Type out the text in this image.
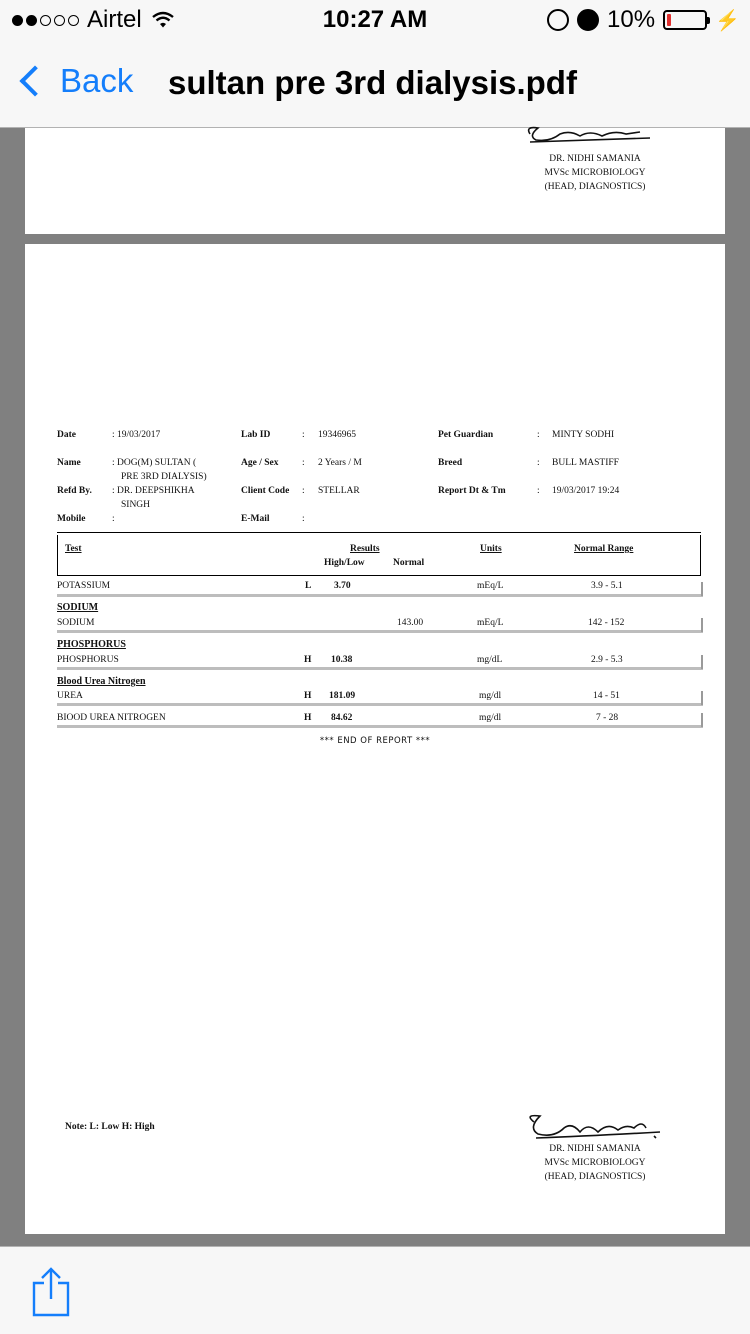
Airtel	10:27 AM	10%	⚡
Back sultan pre 3rd dialysis.pdf
DR. NIDHI SAMANIA
MVSc MICROBIOLOGY
(HEAD, DIAGNOSTICS)
Date	: 19/03/2017	Lab ID	: 19346965	Pet Guardian	: MINTY SODHI
Name	: DOG(M) SULTAN (
PRE 3RD DIALYSIS)
Age / Sex : 2 Years / M	Breed	: BULL MASTIFF
Refd By. : DR. DEEPSHIKHA
SINGH
Client Code : STELLAR	Report Dt & Tm	: 19/03/2017 19:24
Mobile	:	E-Mail	:
Test	Results
High/Low	Normal
Units	Normal Range
POTASSIUM	L 3.70	mEq/L	3.9 - 5.1
SODIUM
SODIUM	143.00	mEq/L	142 - 152
PHOSPHORUS
PHOSPHORUS	H 10.38	mg/dL	2.9 - 5.3
Blood Urea Nitrogen
UREA	H 181.09	mg/dl	14 - 51
BIOOD UREA NITROGEN	H 84.62	mg/dl	7 - 28
*** END OF REPORT ***
Note: L: Low H: High
DR. NIDHI SAMANIA
MVSc MICROBIOLOGY
(HEAD, DIAGNOSTICS)
